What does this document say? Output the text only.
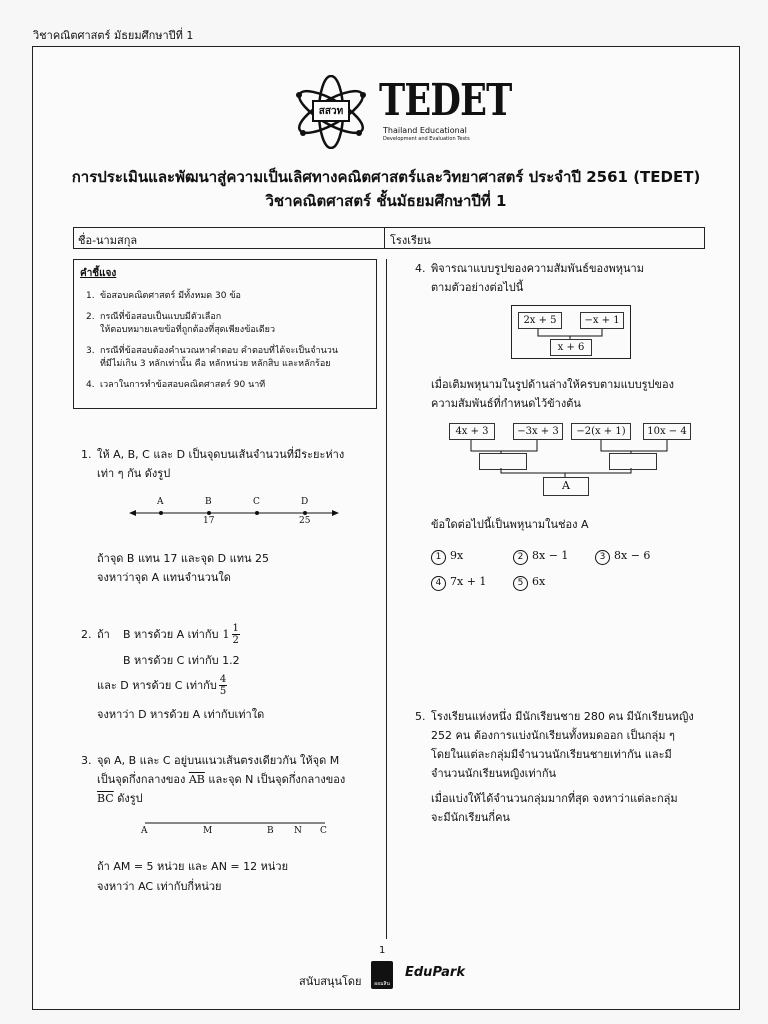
วิชาคณิตศาสตร์ มัธยมศึกษาปีที่ 1
สสวท TEDET
Thailand Educational
Development and Evaluation Tests
การประเมินและพัฒนาสู่ความเป็นเลิศทางคณิตศาสตร์และวิทยาศาสตร์ ประจำปี 2561 (TEDET)
วิชาคณิตศาสตร์ ชั้นมัธยมศึกษาปีที่ 1
ชื่อ-นามสกุล	โรงเรียน
คำชี้แจง
1. ข้อสอบคณิตศาสตร์ มีทั้งหมด 30 ข้อ
2. กรณีที่ข้อสอบเป็นแบบมีตัวเลือก
ให้ตอบหมายเลขข้อที่ถูกต้องที่สุดเพียงข้อเดียว
3. กรณีที่ข้อสอบต้องคำนวณหาคำตอบ คำตอบที่ได้จะเป็นจำนวน
ที่มีไม่เกิน 3 หลักเท่านั้น คือ หลักหน่วย หลักสิบ และหลักร้อย
4. เวลาในการทำข้อสอบคณิตศาสตร์ 90 นาที
1. ให้ A, B, C และ D เป็นจุดบนเส้นจำนวนที่มีระยะห่าง
เท่า ๆ กัน ดังรูป
A	B	C	D
17	25
ถ้าจุด B แทน 17 และจุด D แทน 25
จงหาว่าจุด A แทนจำนวนใด
2. ถ้า	B หารด้วย A เท่ากับ $1 \frac{1}{2}$
B หารด้วย C เท่ากับ 1.2
และ D หารด้วย C เท่ากับ $\frac{4}{5}$
จงหาว่า D หารด้วย A เท่ากับเท่าใด
3. จุด A, B และ C อยู่บนแนวเส้นตรงเดียวกัน ให้จุด M
เป็นจุดกึ่งกลางของ $\overline{AB}$ และจุด N เป็นจุดกึ่งกลางของ
$\overline{BC}$ ดังรูป
A	M	B N C
ถ้า AM = 5 หน่วย และ AN = 12 หน่วย
จงหาว่า AC เท่ากับกี่หน่วย
4. พิจารณาแบบรูปของความสัมพันธ์ของพหุนาม
ตามตัวอย่างต่อไปนี้
2x + 5	−x + 1
x + 6
เมื่อเติมพหุนามในรูปด้านล่างให้ครบตามแบบรูปของ
ความสัมพันธ์ที่กำหนดไว้ข้างต้น
4x + 3	−3x + 3	−2(x + 1)	10x − 4
A
ข้อใดต่อไปนี้เป็นพหุนามในช่อง A
1 9x	2 8x − 1	3 8x − 6
4 7x + 1	5 6x
5. โรงเรียนแห่งหนึ่ง มีนักเรียนชาย 280 คน มีนักเรียนหญิง
252 คน ต้องการแบ่งนักเรียนทั้งหมดออก เป็นกลุ่ม ๆ
โดยในแต่ละกลุ่มมีจำนวนนักเรียนชายเท่ากัน และมี
จำนวนนักเรียนหญิงเท่ากัน
เมื่อแบ่งให้ได้จำนวนกลุ่มมากที่สุด จงหาว่าแต่ละกลุ่ม
จะมีนักเรียนกี่คน
1
สนับสนุนโดย	ออมสิน
EduPark
